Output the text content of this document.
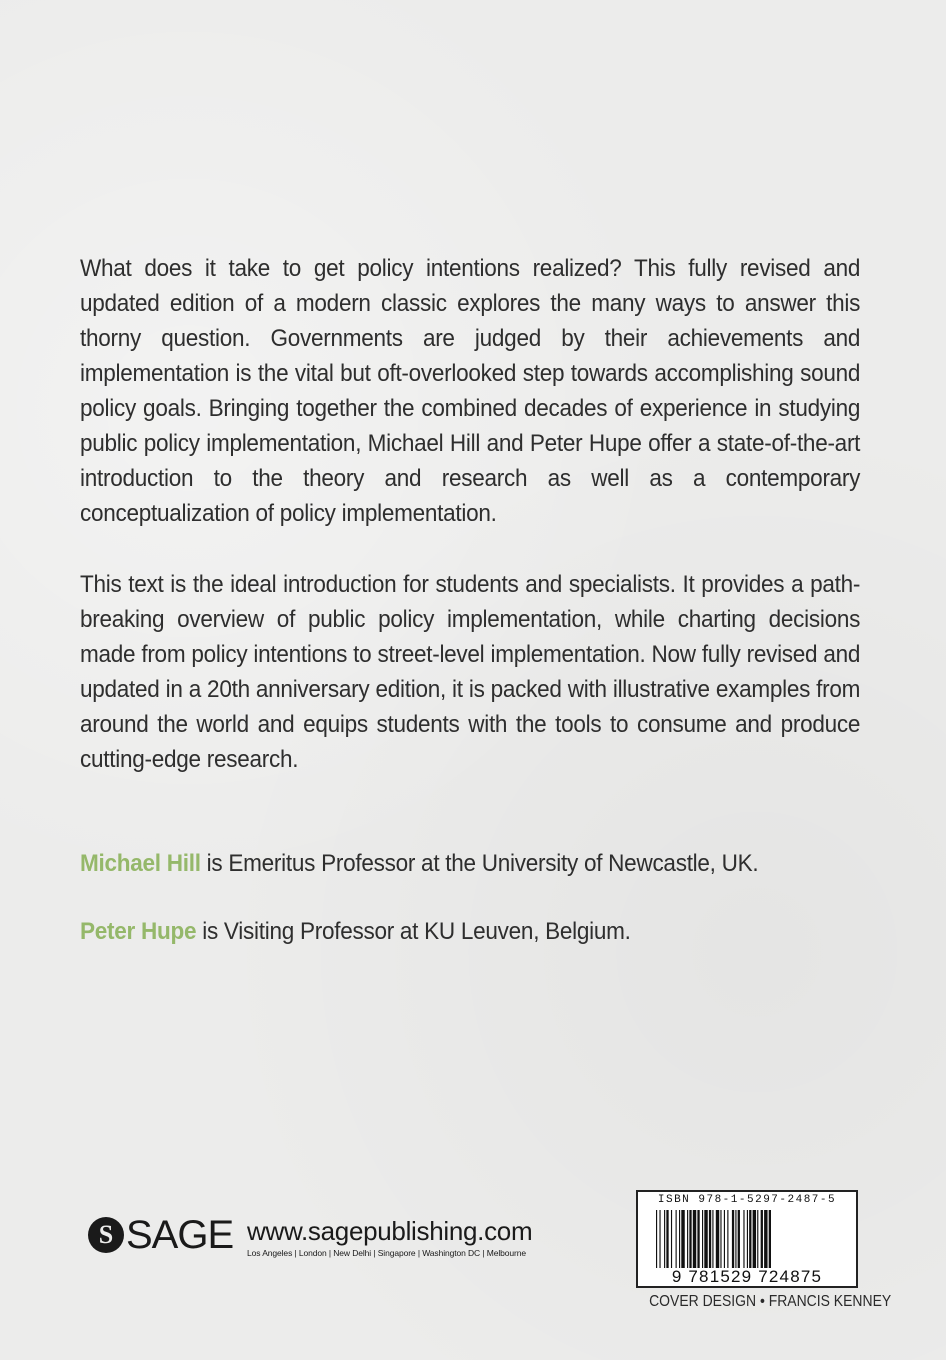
What does it take to get policy intentions realized? This fully revised and updated edition of a modern classic explores the many ways to answer this thorny question. Governments are judged by their achievements and implementation is the vital but oft-overlooked step towards accomplishing sound policy goals. Bringing together the combined decades of experience in studying public policy implementation, Michael Hill and Peter Hupe offer a state-of-the-art introduction to the theory and research as well as a contemporary conceptualization of policy implementation.

This text is the ideal introduction for students and specialists. It provides a path-breaking overview of public policy implementation, while charting decisions made from policy intentions to street-level implementation. Now fully revised and updated in a 20th anniversary edition, it is packed with illustrative examples from around the world and equips students with the tools to consume and produce cutting-edge research.

Michael Hill is Emeritus Professor at the University of Newcastle, UK.

Peter Hupe is Visiting Professor at KU Leuven, Belgium.

S SAGE www.sagepublishing.com
Los Angeles | London | New Delhi | Singapore | Washington DC | Melbourne
ISBN 978-1-5297-2487-5
9 781529 724875
COVER DESIGN • FRANCIS KENNEY
